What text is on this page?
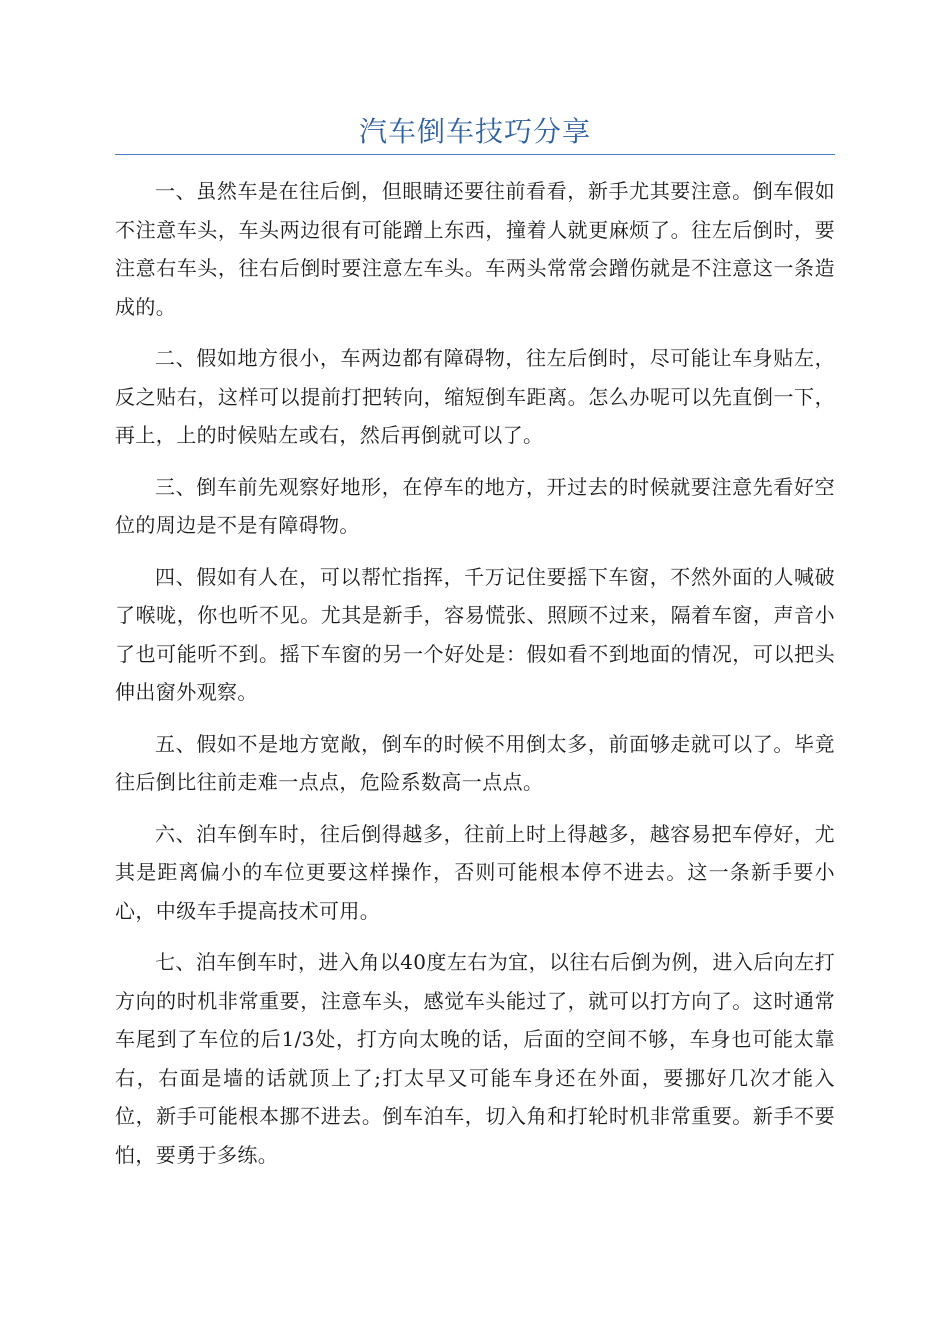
汽车倒车技巧分享

一、虽然车是在往后倒，但眼睛还要往前看看，新手尤其要注意。倒车假如不注意车头，车头两边很有可能蹭上东西，撞着人就更麻烦了。往左后倒时，要注意右车头，往右后倒时要注意左车头。车两头常常会蹭伤就是不注意这一条造成的。

二、假如地方很小，车两边都有障碍物，往左后倒时，尽可能让车身贴左，反之贴右，这样可以提前打把转向，缩短倒车距离。怎么办呢可以先直倒一下，再上，上的时候贴左或右，然后再倒就可以了。

三、倒车前先观察好地形，在停车的地方，开过去的时候就要注意先看好空位的周边是不是有障碍物。

四、假如有人在，可以帮忙指挥，千万记住要摇下车窗，不然外面的人喊破了喉咙，你也听不见。尤其是新手，容易慌张、照顾不过来，隔着车窗，声音小了也可能听不到。摇下车窗的另一个好处是：假如看不到地面的情况，可以把头伸出窗外观察。

五、假如不是地方宽敞，倒车的时候不用倒太多，前面够走就可以了。毕竟往后倒比往前走难一点点，危险系数高一点点。

六、泊车倒车时，往后倒得越多，往前上时上得越多，越容易把车停好，尤其是距离偏小的车位更要这样操作，否则可能根本停不进去。这一条新手要小心，中级车手提高技术可用。

七、泊车倒车时，进入角以40度左右为宜，以往右后倒为例，进入后向左打方向的时机非常重要，注意车头，感觉车头能过了，就可以打方向了。这时通常车尾到了车位的后1/3处，打方向太晚的话，后面的空间不够，车身也可能太靠右，右面是墙的话就顶上了;打太早又可能车身还在外面，要挪好几次才能入位，新手可能根本挪不进去。倒车泊车，切入角和打轮时机非常重要。新手不要怕，要勇于多练。
